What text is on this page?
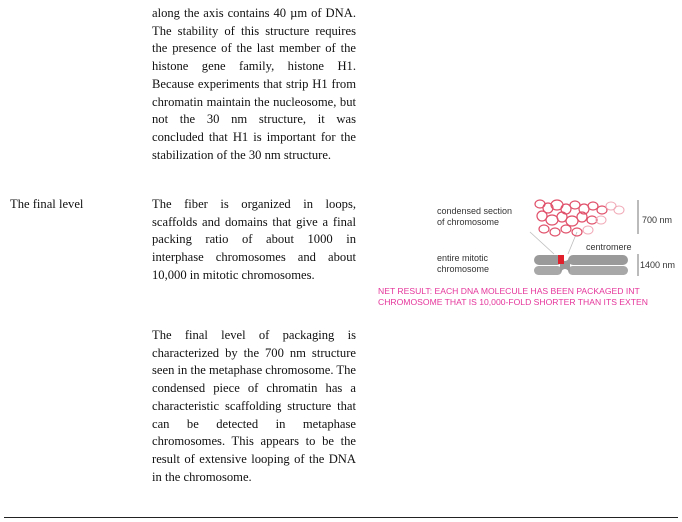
along the axis contains 40 µm of DNA. The stability of this structure requires the presence of the last member of the histone gene family, histone H1. Because experiments that strip H1 from chromatin maintain the nucleosome, but not the 30 nm structure, it was concluded that H1 is important for the stabilization of the 30 nm structure.

The final level	The fiber is organized in loops, scaffolds and domains that give a final packing ratio of about 1000 in interphase chromosomes and about 10,000 in mitotic chromosomes.

condensed section
of chromosome	700 nm
centromere
entire mitotic
chromosome	1400 nm
NET RESULT: EACH DNA MOLECULE HAS BEEN PACKAGED INT
CHROMOSOME THAT IS 10,000-FOLD SHORTER THAN ITS EXTEN

The final level of packaging is characterized by the 700 nm structure seen in the metaphase chromosome. The condensed piece of chromatin has a characteristic scaffolding structure that can be detected in metaphase chromosomes. This appears to be the result of extensive looping of the DNA in the chromosome.
